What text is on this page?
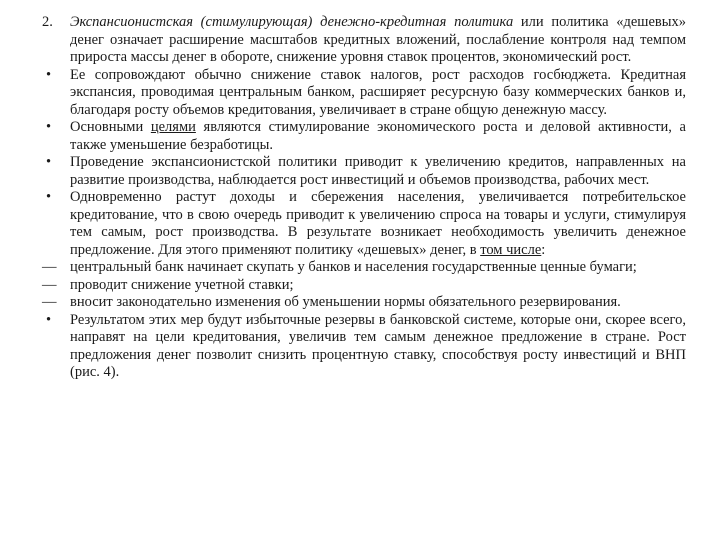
2.	Экспансионистская (стимулирующая) денежно-кредитная политика или политика «дешевых» денег означает расширение масштабов кредитных вложений, послабление контроля над темпом прироста массы денег в обороте, снижение уровня ставок процентов, экономический рост.
•	Ее сопровождают обычно снижение ставок налогов, рост расходов госбюджета. Кредитная экспансия, проводимая центральным банком, расширяет ресурсную базу коммерческих банков и, благодаря росту объемов кредитования, увеличивает в стране общую денежную массу.
•	Основными целями являются стимулирование экономического роста и деловой активности, а также уменьшение безработицы.
•	Проведение экспансионистской политики приводит к увеличению кредитов, направленных на развитие производства, наблюдается рост инвестиций и объемов производства, рабочих мест.
•	Одновременно растут доходы и сбережения населения, увеличивается потребительское кредитование, что в свою очередь приводит к увеличению спроса на товары и услуги, стимулируя тем самым, рост производства. В результате возникает необходимость увеличить денежное предложение. Для этого применяют политику «дешевых» денег, в том числе:
— центральный банк начинает скупать у банков и населения государственные ценные бумаги;
— проводит снижение учетной ставки;
— вносит законодательно изменения об уменьшении нормы обязательного резервирования.
•	Результатом этих мер будут избыточные резервы в банковской системе, которые они, скорее всего, направят на цели кредитования, увеличив тем самым денежное предложение в стране. Рост предложения денег позволит снизить процентную ставку, способствуя росту инвестиций и ВНП (рис. 4).
